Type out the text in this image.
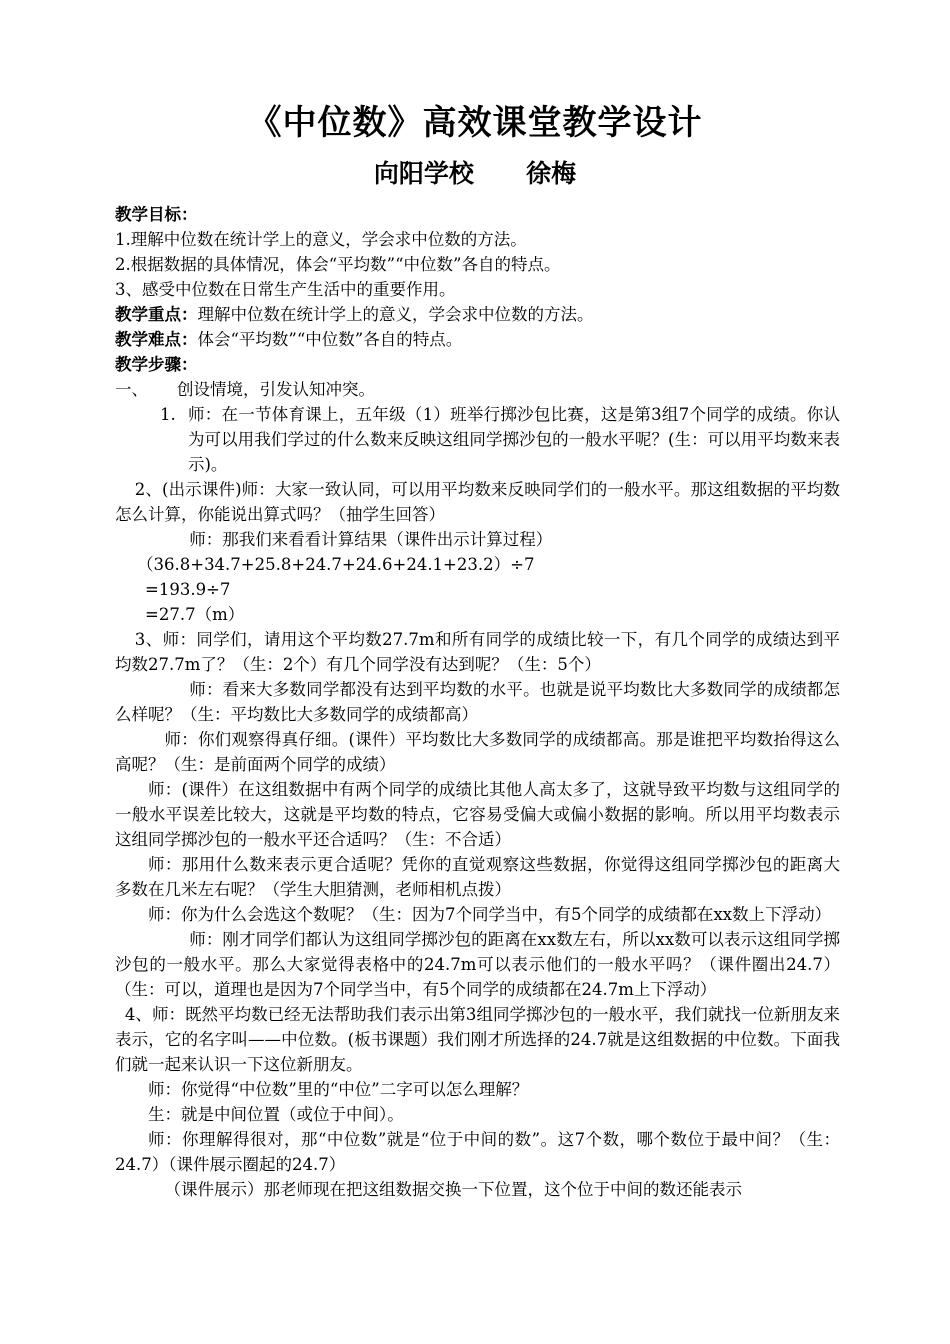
《中位数》高效课堂教学设计
向阳学校      徐梅

教学目标：

1.理解中位数在统计学上的意义，学会求中位数的方法。

2.根据数据的具体情况，体会“平均数”“中位数”各自的特点。

3、感受中位数在日常生产生活中的重要作用。

教学重点：理解中位数在统计学上的意义，学会求中位数的方法。

教学难点：体会“平均数”“中位数”各自的特点。

教学步骤：

一、	创设情境，引发认知冲突。
1. 师：在一节体育课上，五年级（1）班举行掷沙包比赛，这是第3组7个同学的成绩。你认为可以用我们学过的什么数来反映这组同学掷沙包的一般水平呢？(生：可以用平均数来表示)。

2、(出示课件)师：大家一致认同，可以用平均数来反映同学们的一般水平。那这组数据的平均数怎么计算，你能说出算式吗？（抽学生回答）

师：那我们来看看计算结果（课件出示计算过程）

（36.8+34.7+25.8+24.7+24.6+24.1+23.2）÷7

=193.9÷7

=27.7（m）

3、师：同学们，请用这个平均数27.7m和所有同学的成绩比较一下，有几个同学的成绩达到平均数27.7m了？（生：2个）有几个同学没有达到呢？（生：5个）

师：看来大多数同学都没有达到平均数的水平。也就是说平均数比大多数同学的成绩都怎么样呢？（生：平均数比大多数同学的成绩都高）

师：你们观察得真仔细。(课件）平均数比大多数同学的成绩都高。那是谁把平均数抬得这么高呢？（生：是前面两个同学的成绩）

师：(课件）在这组数据中有两个同学的成绩比其他人高太多了，这就导致平均数与这组同学的一般水平误差比较大，这就是平均数的特点，它容易受偏大或偏小数据的影响。所以用平均数表示这组同学掷沙包的一般水平还合适吗？（生：不合适）

师：那用什么数来表示更合适呢？凭你的直觉观察这些数据，你觉得这组同学掷沙包的距离大多数在几米左右呢？（学生大胆猜测，老师相机点拨）

师：你为什么会选这个数呢？（生：因为7个同学当中，有5个同学的成绩都在xx数上下浮动）

师：刚才同学们都认为这组同学掷沙包的距离在xx数左右，所以xx数可以表示这组同学掷沙包的一般水平。那么大家觉得表格中的24.7m可以表示他们的一般水平吗？（课件圈出24.7）（生：可以，道理也是因为7个同学当中，有5个同学的成绩都在24.7m上下浮动）

4、师：既然平均数已经无法帮助我们表示出第3组同学掷沙包的一般水平，我们就找一位新朋友来表示，它的名字叫——中位数。(板书课题）我们刚才所选择的24.7就是这组数据的中位数。下面我们就一起来认识一下这位新朋友。

师：你觉得“中位数”里的“中位”二字可以怎么理解？

生：就是中间位置（或位于中间）。

师：你理解得很对，那“中位数”就是“位于中间的数”。这7个数，哪个数位于最中间？（生：24.7）（课件展示圈起的24.7）

（课件展示）那老师现在把这组数据交换一下位置，这个位于中间的数还能表示
